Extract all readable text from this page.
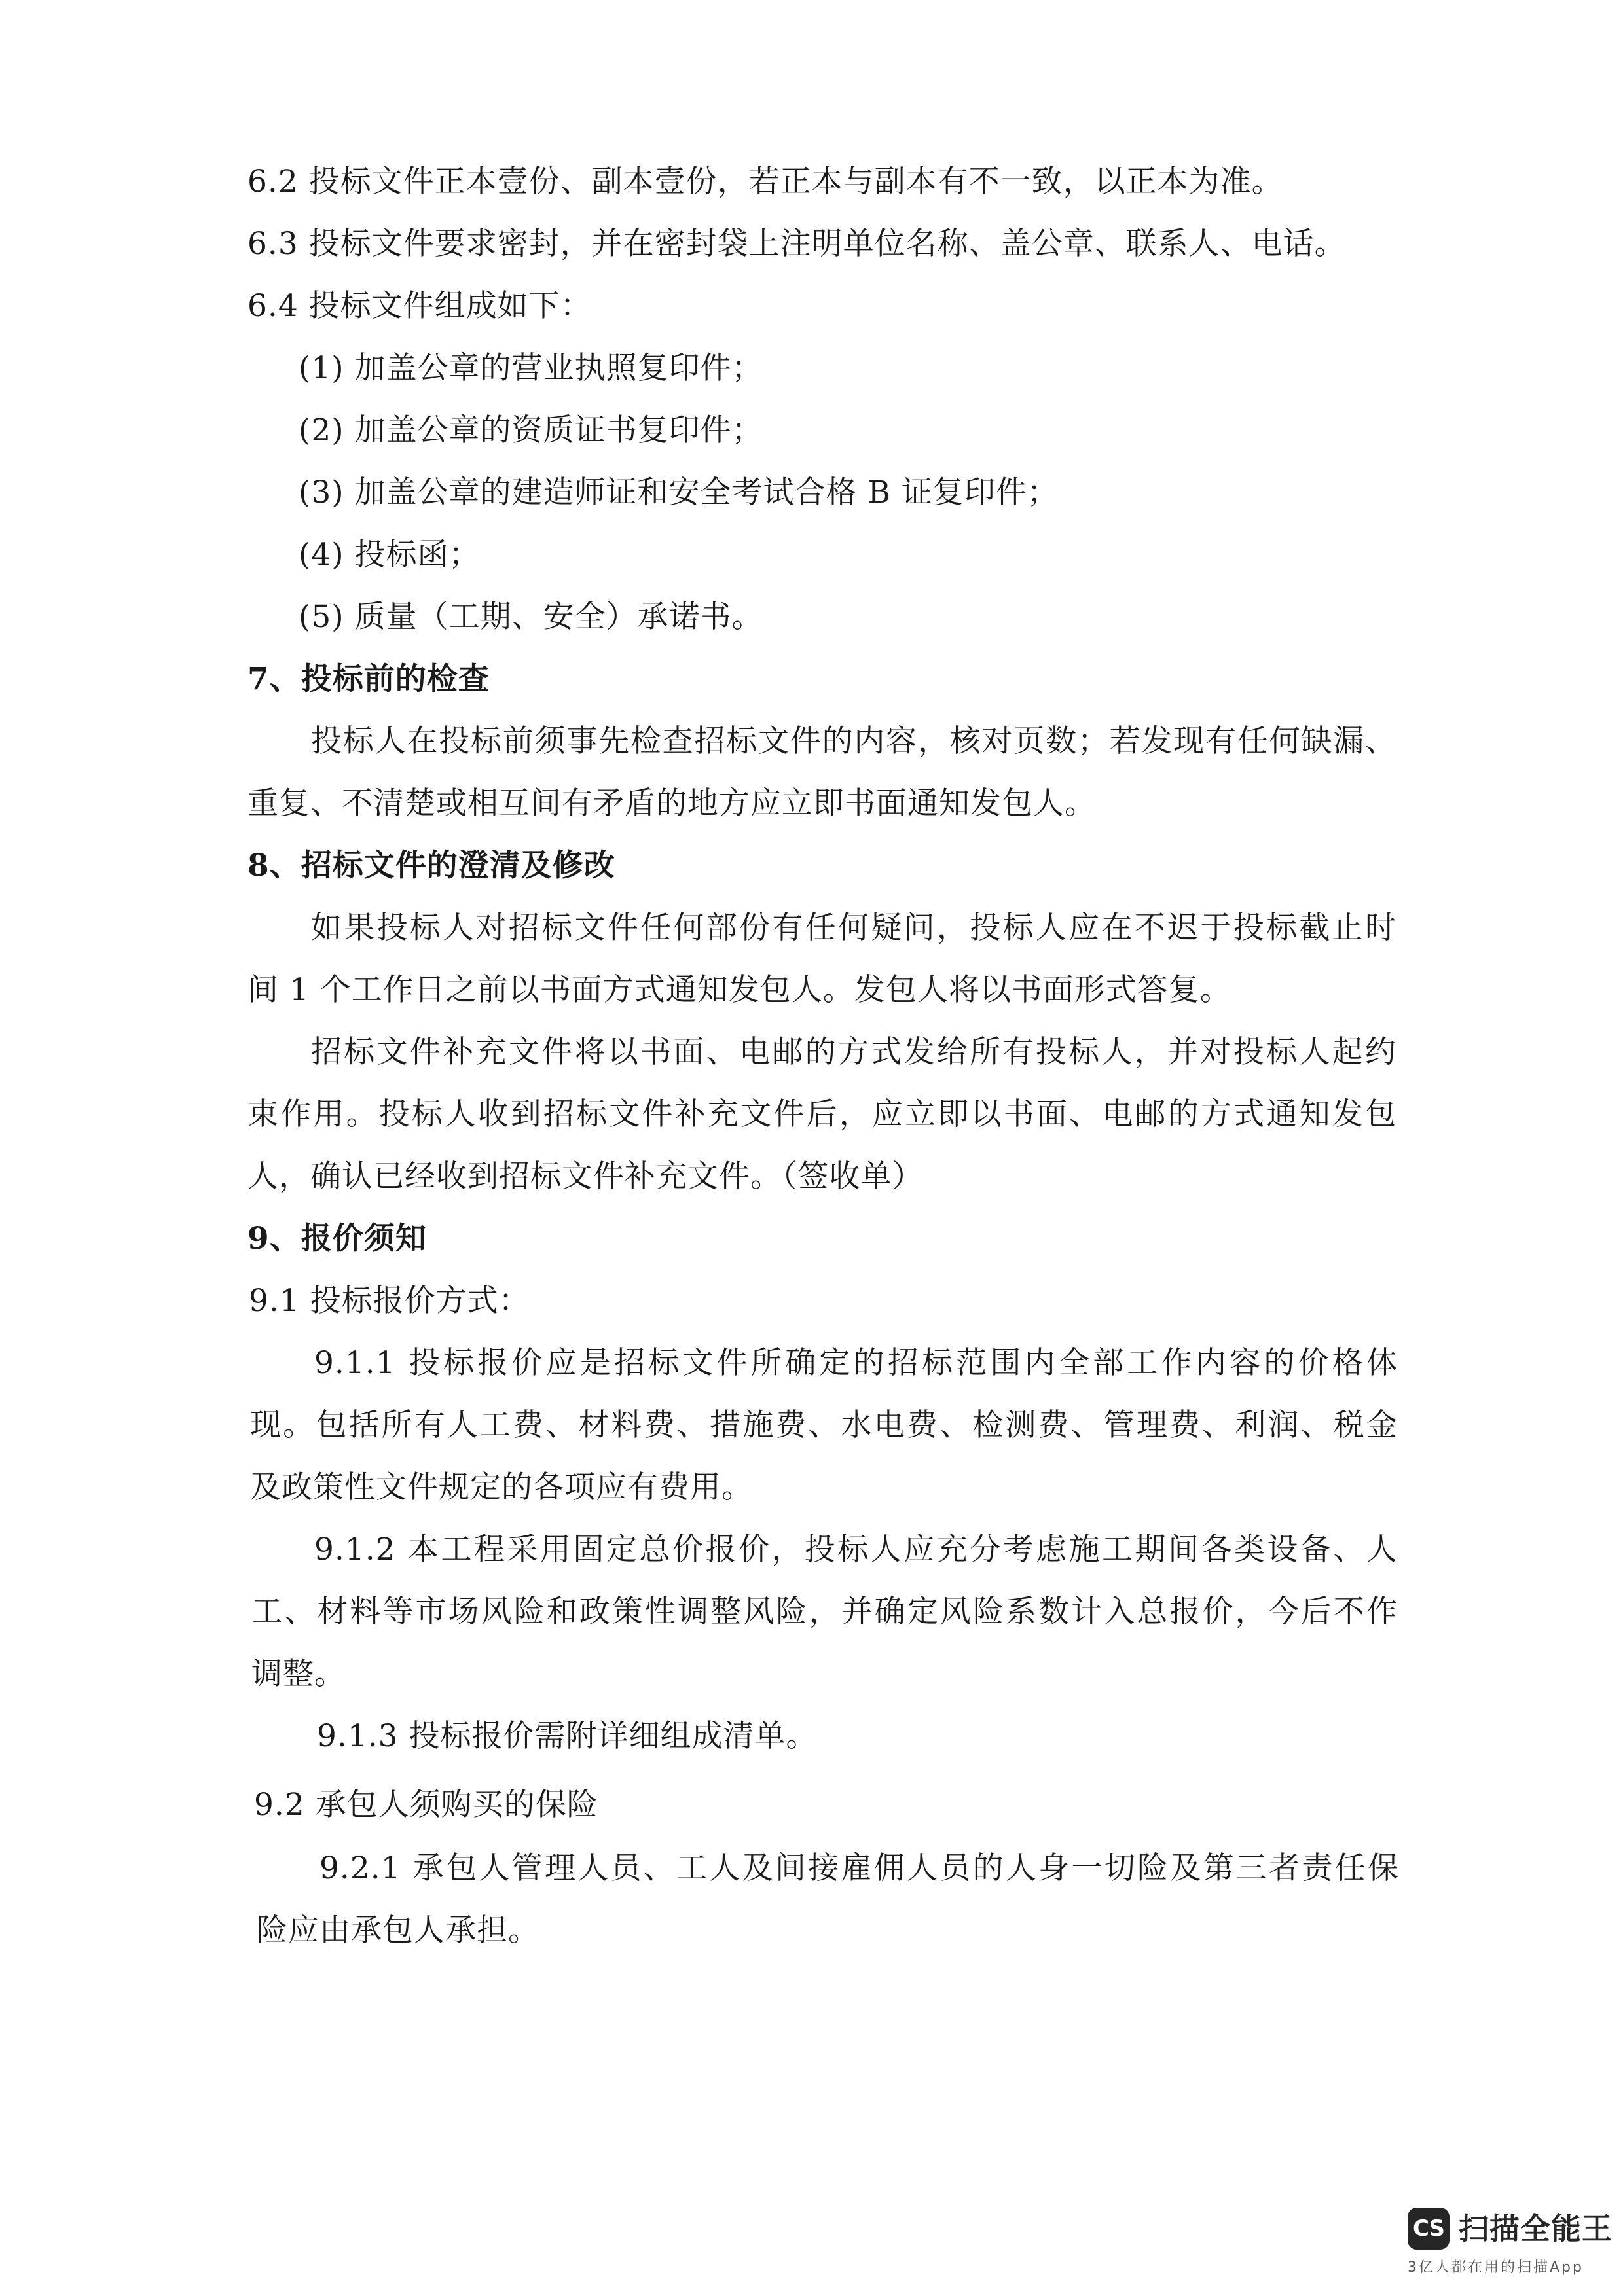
6.2 投标文件正本壹份、副本壹份，若正本与副本有不一致，以正本为准。
6.3 投标文件要求密封，并在密封袋上注明单位名称、盖公章、联系人、电话。
6.4 投标文件组成如下：
(1) 加盖公章的营业执照复印件；
(2) 加盖公章的资质证书复印件；
(3) 加盖公章的建造师证和安全考试合格 B 证复印件；
(4) 投标函；
(5) 质量（工期、安全）承诺书。
7、投标前的检查
投标人在投标前须事先检查招标文件的内容，核对页数；若发现有任何缺漏、
重复、不清楚或相互间有矛盾的地方应立即书面通知发包人。
8、招标文件的澄清及修改
如果投标人对招标文件任何部份有任何疑问，投标人应在不迟于投标截止时
间 1 个工作日之前以书面方式通知发包人。发包人将以书面形式答复。
招标文件补充文件将以书面、电邮的方式发给所有投标人，并对投标人起约
束作用。投标人收到招标文件补充文件后，应立即以书面、电邮的方式通知发包
人，确认已经收到招标文件补充文件。（签收单）
9、报价须知
9.1 投标报价方式：
9.1.1 投标报价应是招标文件所确定的招标范围内全部工作内容的价格体
现。包括所有人工费、材料费、措施费、水电费、检测费、管理费、利润、税金
及政策性文件规定的各项应有费用。
9.1.2 本工程采用固定总价报价，投标人应充分考虑施工期间各类设备、人
工、材料等市场风险和政策性调整风险，并确定风险系数计入总报价，今后不作
调整。
9.1.3 投标报价需附详细组成清单。
9.2 承包人须购买的保险
9.2.1 承包人管理人员、工人及间接雇佣人员的人身一切险及第三者责任保
险应由承包人承担。
CS 扫描全能王
3亿人都在用的扫描App
